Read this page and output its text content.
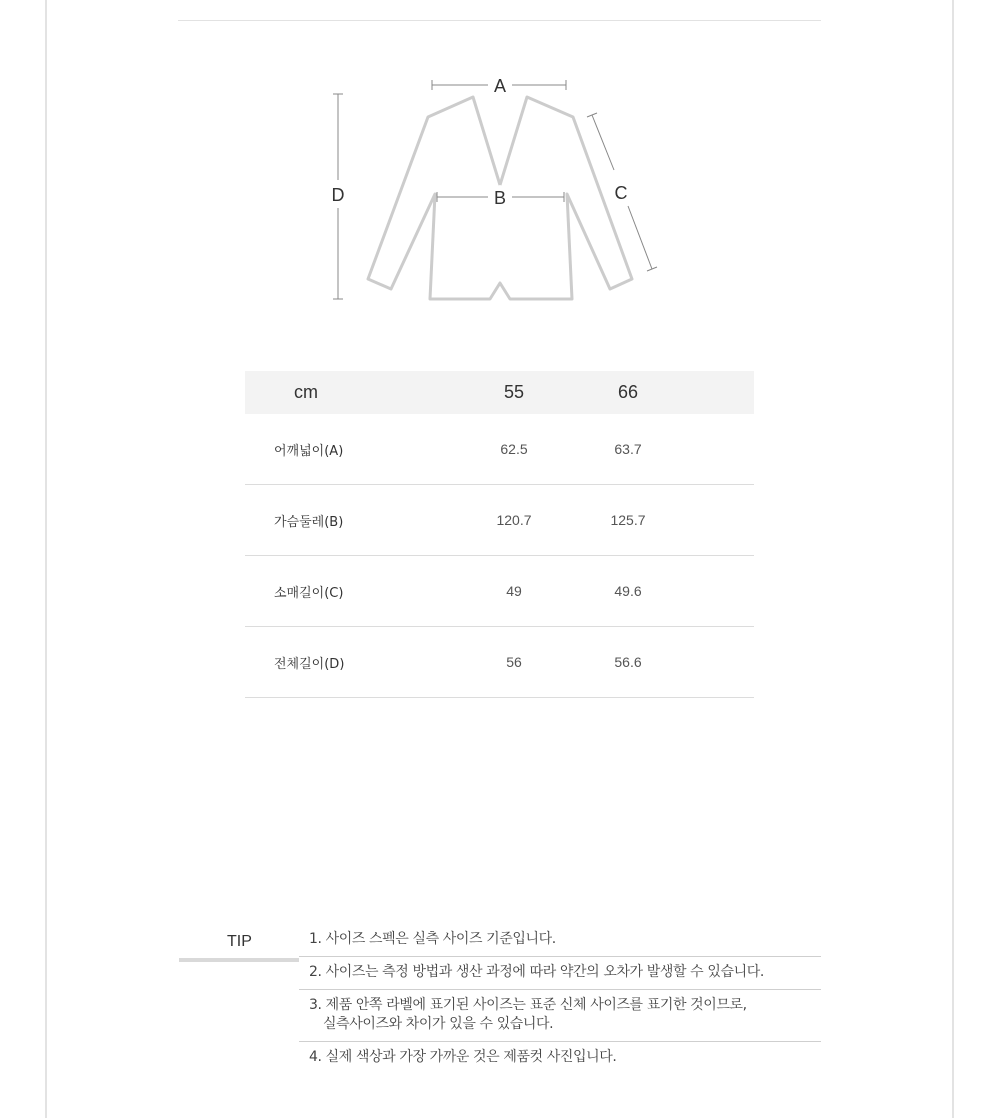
A
B	C
D
cm	55	66	
어깨넓이(A)	62.5	63.7	
가슴둘레(B)	120.7	125.7	
소매길이(C)	49	49.6	
전체길이(D)	56	56.6	
TIP	1. 사이즈 스펙은 실측 사이즈 기준입니다.
2. 사이즈는 측정 방법과 생산 과정에 따라 약간의 오차가 발생할 수 있습니다.
3. 제품 안쪽 라벨에 표기된 사이즈는 표준 신체 사이즈를 표기한 것이므로,
실측사이즈와 차이가 있을 수 있습니다.
4. 실제 색상과 가장 가까운 것은 제품컷 사진입니다.
